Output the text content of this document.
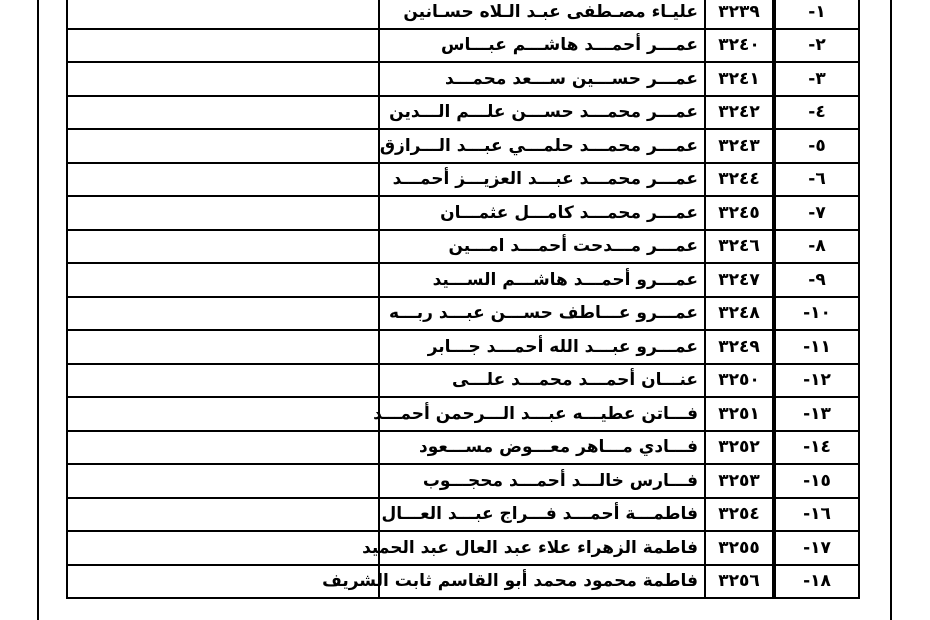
١-	٣٢٣٩	عليـاء مصـطفى عبـد الـلاه حسـانين	
٢-	٣٢٤٠	عمـــر أحمـــد هاشـــم عبـــاس	
٣-	٣٢٤١	عمـــر حســـين ســـعد محمـــد	
٤-	٣٢٤٢	عمـــر محمـــد حســـن علـــم الـــدين	
٥-	٣٢٤٣	عمـــر محمـــد حلمـــي عبـــد الـــرازق	
٦-	٣٢٤٤	عمـــر محمـــد عبـــد العزيـــز أحمـــد	
٧-	٣٢٤٥	عمـــر محمـــد كامـــل عثمـــان	
٨-	٣٢٤٦	عمـــر مـــدحت أحمـــد امـــين	
٩-	٣٢٤٧	عمـــرو أحمـــد هاشـــم الســـيد	
١٠-	٣٢٤٨	عمـــرو عـــاطف حســـن عبـــد ربـــه	
١١-	٣٢٤٩	عمـــرو عبـــد الله أحمـــد جـــابر	
١٢-	٣٢٥٠	عنـــان أحمـــد محمـــد علـــى	
١٣-	٣٢٥١	فـــاتن عطيـــه عبـــد الـــرحمن أحمـــد	
١٤-	٣٢٥٢	فـــادي مـــاهر معـــوض مســـعود	
١٥-	٣٢٥٣	فـــارس خالـــد أحمـــد محجـــوب	
١٦-	٣٢٥٤	فاطمـــة أحمـــد فـــراج عبـــد العـــال	
١٧-	٣٢٥٥	فاطمة الزهراء علاء عبد العال عبد الحميد	
١٨-	٣٢٥٦	فاطمة محمود محمد أبو القاسم ثابت الشريف	
